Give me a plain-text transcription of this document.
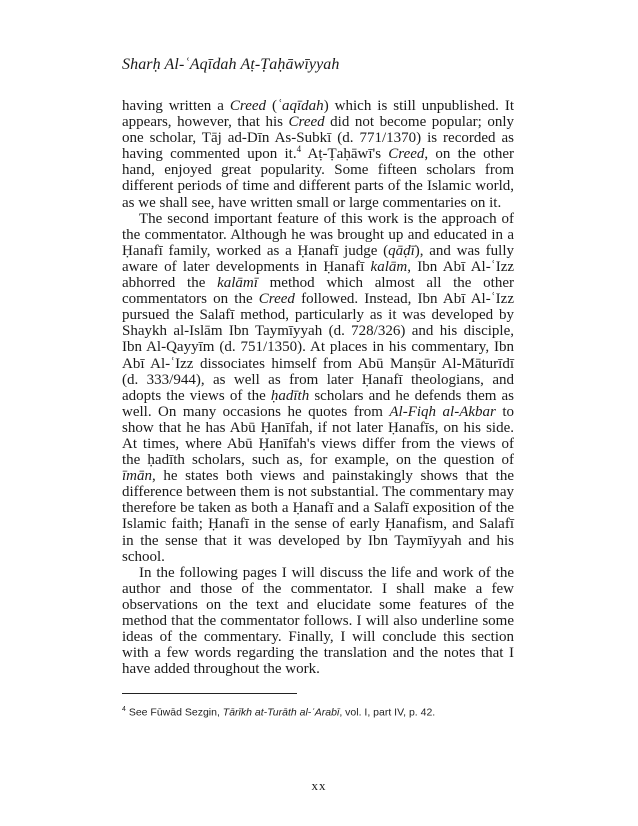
Sharḥ Al-ʿAqīdah Aṭ-Ṭaḥāwīyyah

having written a Creed (ʿaqīdah) which is still unpublished. It appears, however, that his Creed did not become popular; only one scholar, Tāj ad-Dīn As-Subkī (d. 771/1370) is recorded as having commented upon it.$^4$ Aṭ-Ṭaḥāwī's Creed, on the other hand, enjoyed great popularity. Some fifteen scholars from different periods of time and different parts of the Islamic world, as we shall see, have written small or large commentaries on it.

The second important feature of this work is the approach of the commentator. Although he was brought up and educated in a Ḥanafī family, worked as a Ḥanafī judge (qāḍī), and was fully aware of later developments in Ḥanafī kalām, Ibn Abī Al-ʿIzz abhorred the kalāmī method which almost all the other commentators on the Creed followed. Instead, Ibn Abī Al-ʿIzz pursued the Salafī method, particularly as it was developed by Shaykh al-Islām Ibn Taymīyyah (d. 728/326) and his disciple, Ibn Al-Qayyīm (d. 751/1350). At places in his commentary, Ibn Abī Al-ʿIzz dissociates himself from Abū Manṣūr Al-Māturīdī (d. 333/944), as well as from later Ḥanafī theologians, and adopts the views of the ḥadīth scholars and he defends them as well. On many occasions he quotes from Al-Fiqh al-Akbar to show that he has Abū Ḥanīfah, if not later Ḥanafīs, on his side. At times, where Abū Ḥanīfah's views differ from the views of the ḥadīth scholars, such as, for example, on the question of īmān, he states both views and painstakingly shows that the difference between them is not substantial. The commentary may therefore be taken as both a Ḥanafī and a Salafī exposition of the Islamic faith; Ḥanafī in the sense of early Ḥanafism, and Salafī in the sense that it was developed by Ibn Taymīyyah and his school.

In the following pages I will discuss the life and work of the author and those of the commentator. I shall make a few observations on the text and elucidate some features of the method that the commentator follows. I will also underline some ideas of the commentary. Finally, I will conclude this section with a few words regarding the translation and the notes that I have added throughout the work.

$^4$ See Fūwād Sezgin, Tārīkh at-Turāth al-ʿArabī, vol. I, part IV, p. 42.
xx
